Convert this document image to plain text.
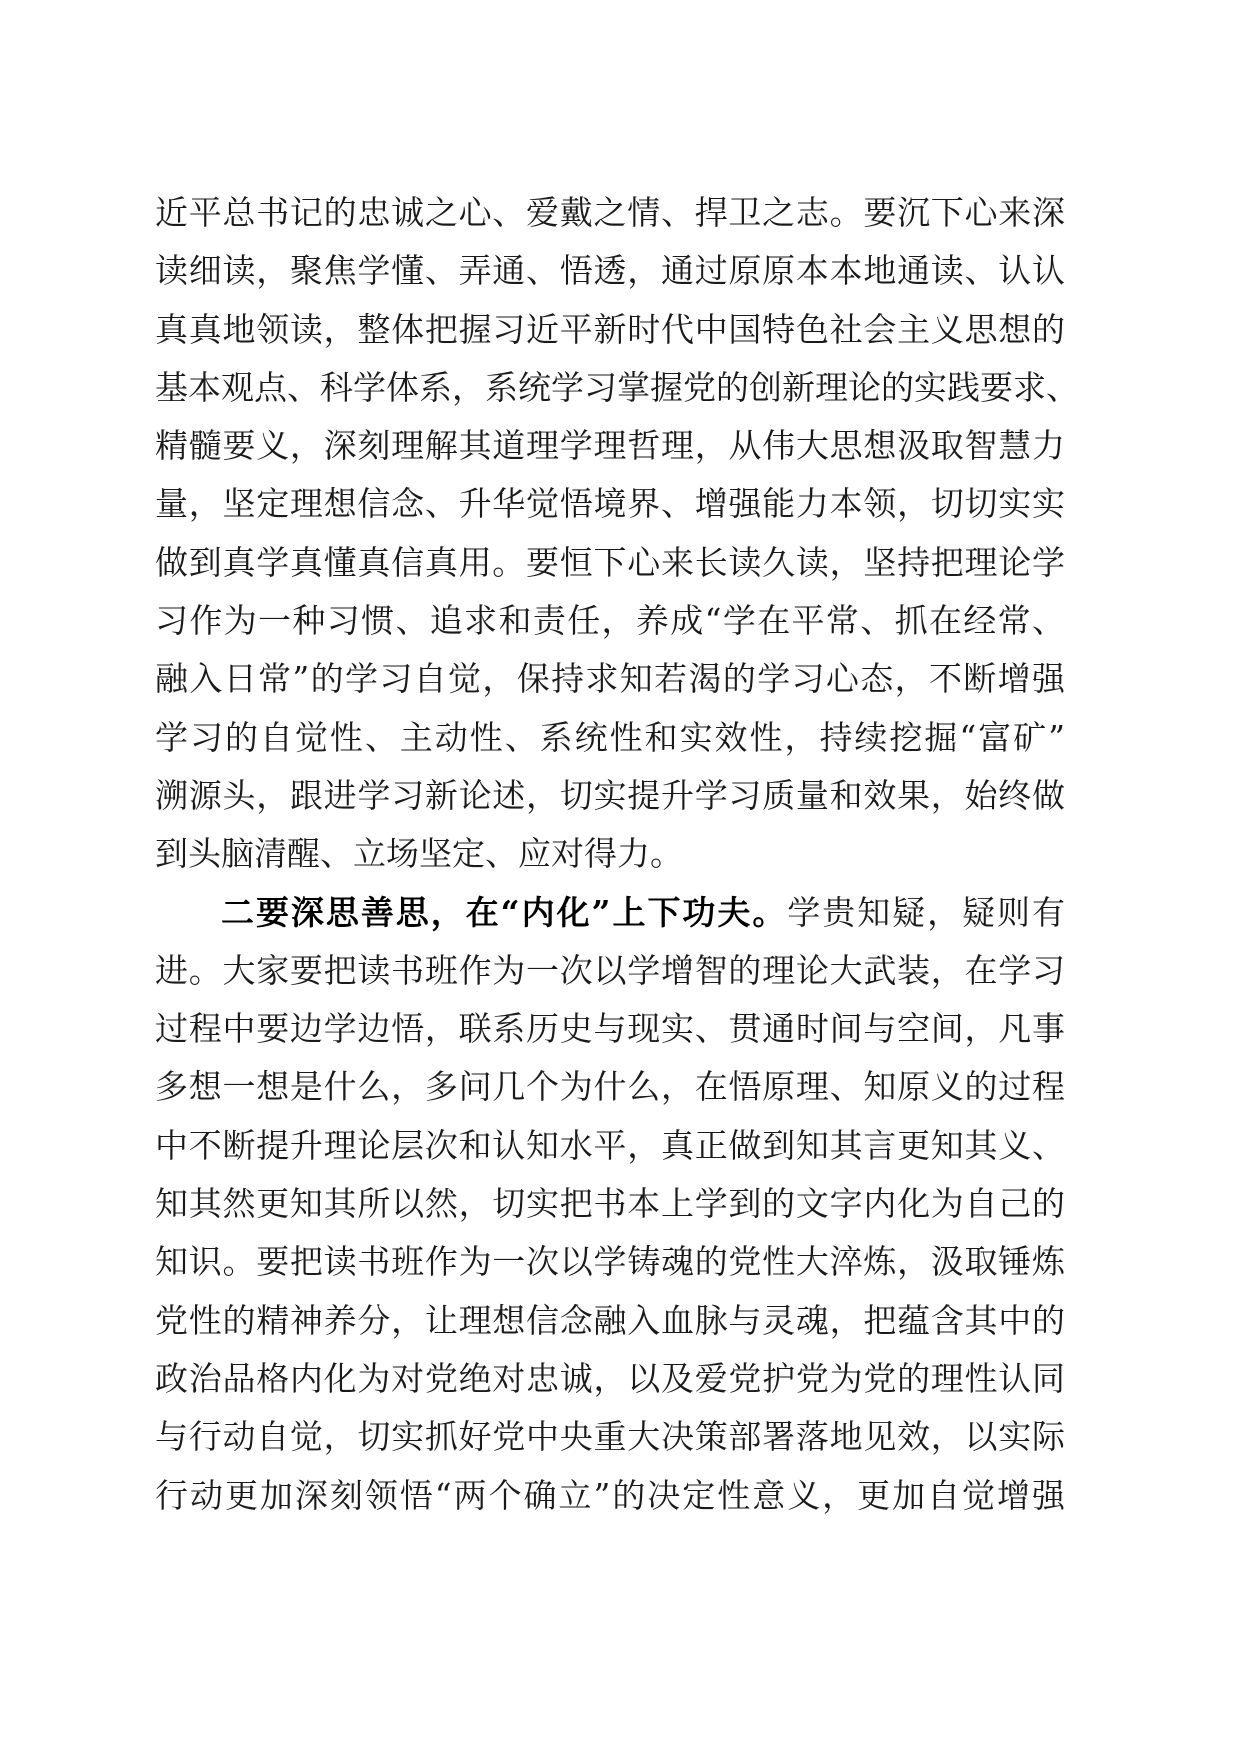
近平总书记的忠诚之心、爱戴之情、捍卫之志。要沉下心来深
读细读，聚焦学懂、弄通、悟透，通过原原本本地通读、认认
真真地领读，整体把握习近平新时代中国特色社会主义思想的
基本观点、科学体系，系统学习掌握党的创新理论的实践要求、
精髓要义，深刻理解其道理学理哲理，从伟大思想汲取智慧力
量，坚定理想信念、升华觉悟境界、增强能力本领，切切实实
做到真学真懂真信真用。要恒下心来长读久读，坚持把理论学
习作为一种习惯、追求和责任，养成“学在平常、抓在经常、
融入日常”的学习自觉，保持求知若渴的学习心态，不断增强
学习的自觉性、主动性、系统性和实效性，持续挖掘“富矿”
溯源头，跟进学习新论述，切实提升学习质量和效果，始终做
到头脑清醒、立场坚定、应对得力。
二要深思善思，在“内化”上下功夫。学贵知疑，疑则有
进。大家要把读书班作为一次以学增智的理论大武装，在学习
过程中要边学边悟，联系历史与现实、贯通时间与空间，凡事
多想一想是什么，多问几个为什么，在悟原理、知原义的过程
中不断提升理论层次和认知水平，真正做到知其言更知其义、
知其然更知其所以然，切实把书本上学到的文字内化为自己的
知识。要把读书班作为一次以学铸魂的党性大淬炼，汲取锤炼
党性的精神养分，让理想信念融入血脉与灵魂，把蕴含其中的
政治品格内化为对党绝对忠诚，以及爱党护党为党的理性认同
与行动自觉，切实抓好党中央重大决策部署落地见效，以实际
行动更加深刻领悟“两个确立”的决定性意义，更加自觉增强
